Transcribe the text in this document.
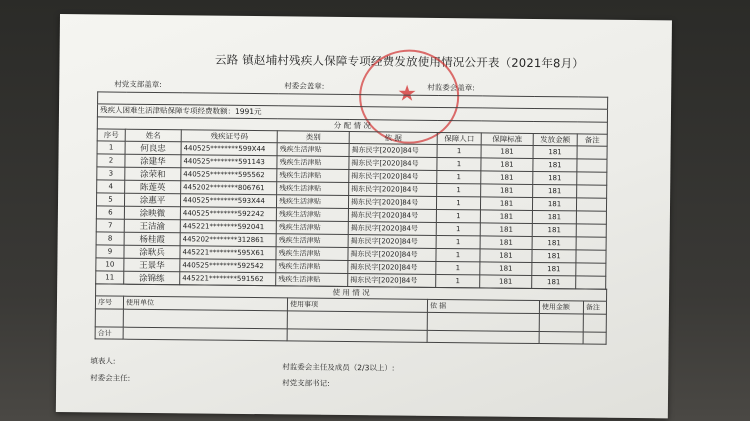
云路 镇赵埔村残疾人保障专项经费发放使用情况公开表（2021年8月）
村党支部盖章:	村委会盖章:	村监委会盖章:
★

残疾人困难生活津贴保障专项经费数额：1991元								
分 配 情 况								
序号	姓名	残疾证号码	类别	依 据	保障人口	保障标准	发放金额	备注
1	何良忠	440525********599X44	残疾生活津贴	揭东民字[2020]84号	1	181	181	
2	涂建华	440525********591143	残疾生活津贴	揭东民字[2020]84号	1	181	181	
3	涂荣和	440525********595562	残疾生活津贴	揭东民字[2020]84号	1	181	181	
4	陈莲英	445202********806761	残疾生活津贴	揭东民字[2020]84号	1	181	181	
5	涂惠平	440525********593X44	残疾生活津贴	揭东民字[2020]84号	1	181	181	
6	涂映微	440525********592242	残疾生活津贴	揭东民字[2020]84号	1	181	181	
7	王洁渝	445221********592041	残疾生活津贴	揭东民字[2020]84号	1	181	181	
8	杨桂霞	445202********312861	残疾生活津贴	揭东民字[2020]84号	1	181	181	
9	涂耿兵	445221********595X61	残疾生活津贴	揭东民字[2020]84号	1	181	181	
10	王景华	440525********592542	残疾生活津贴	揭东民字[2020]84号	1	181	181	
11	涂锦练	445221********591562	残疾生活津贴	揭东民字[2020]84号	1	181	181	
使 用 情 况					
序号	使用单位	使用事项	依 据	使用金额	备注

合计					
填表人:
村监委会主任及成员（2/3以上）:
村委会主任:
村党支部书记:
